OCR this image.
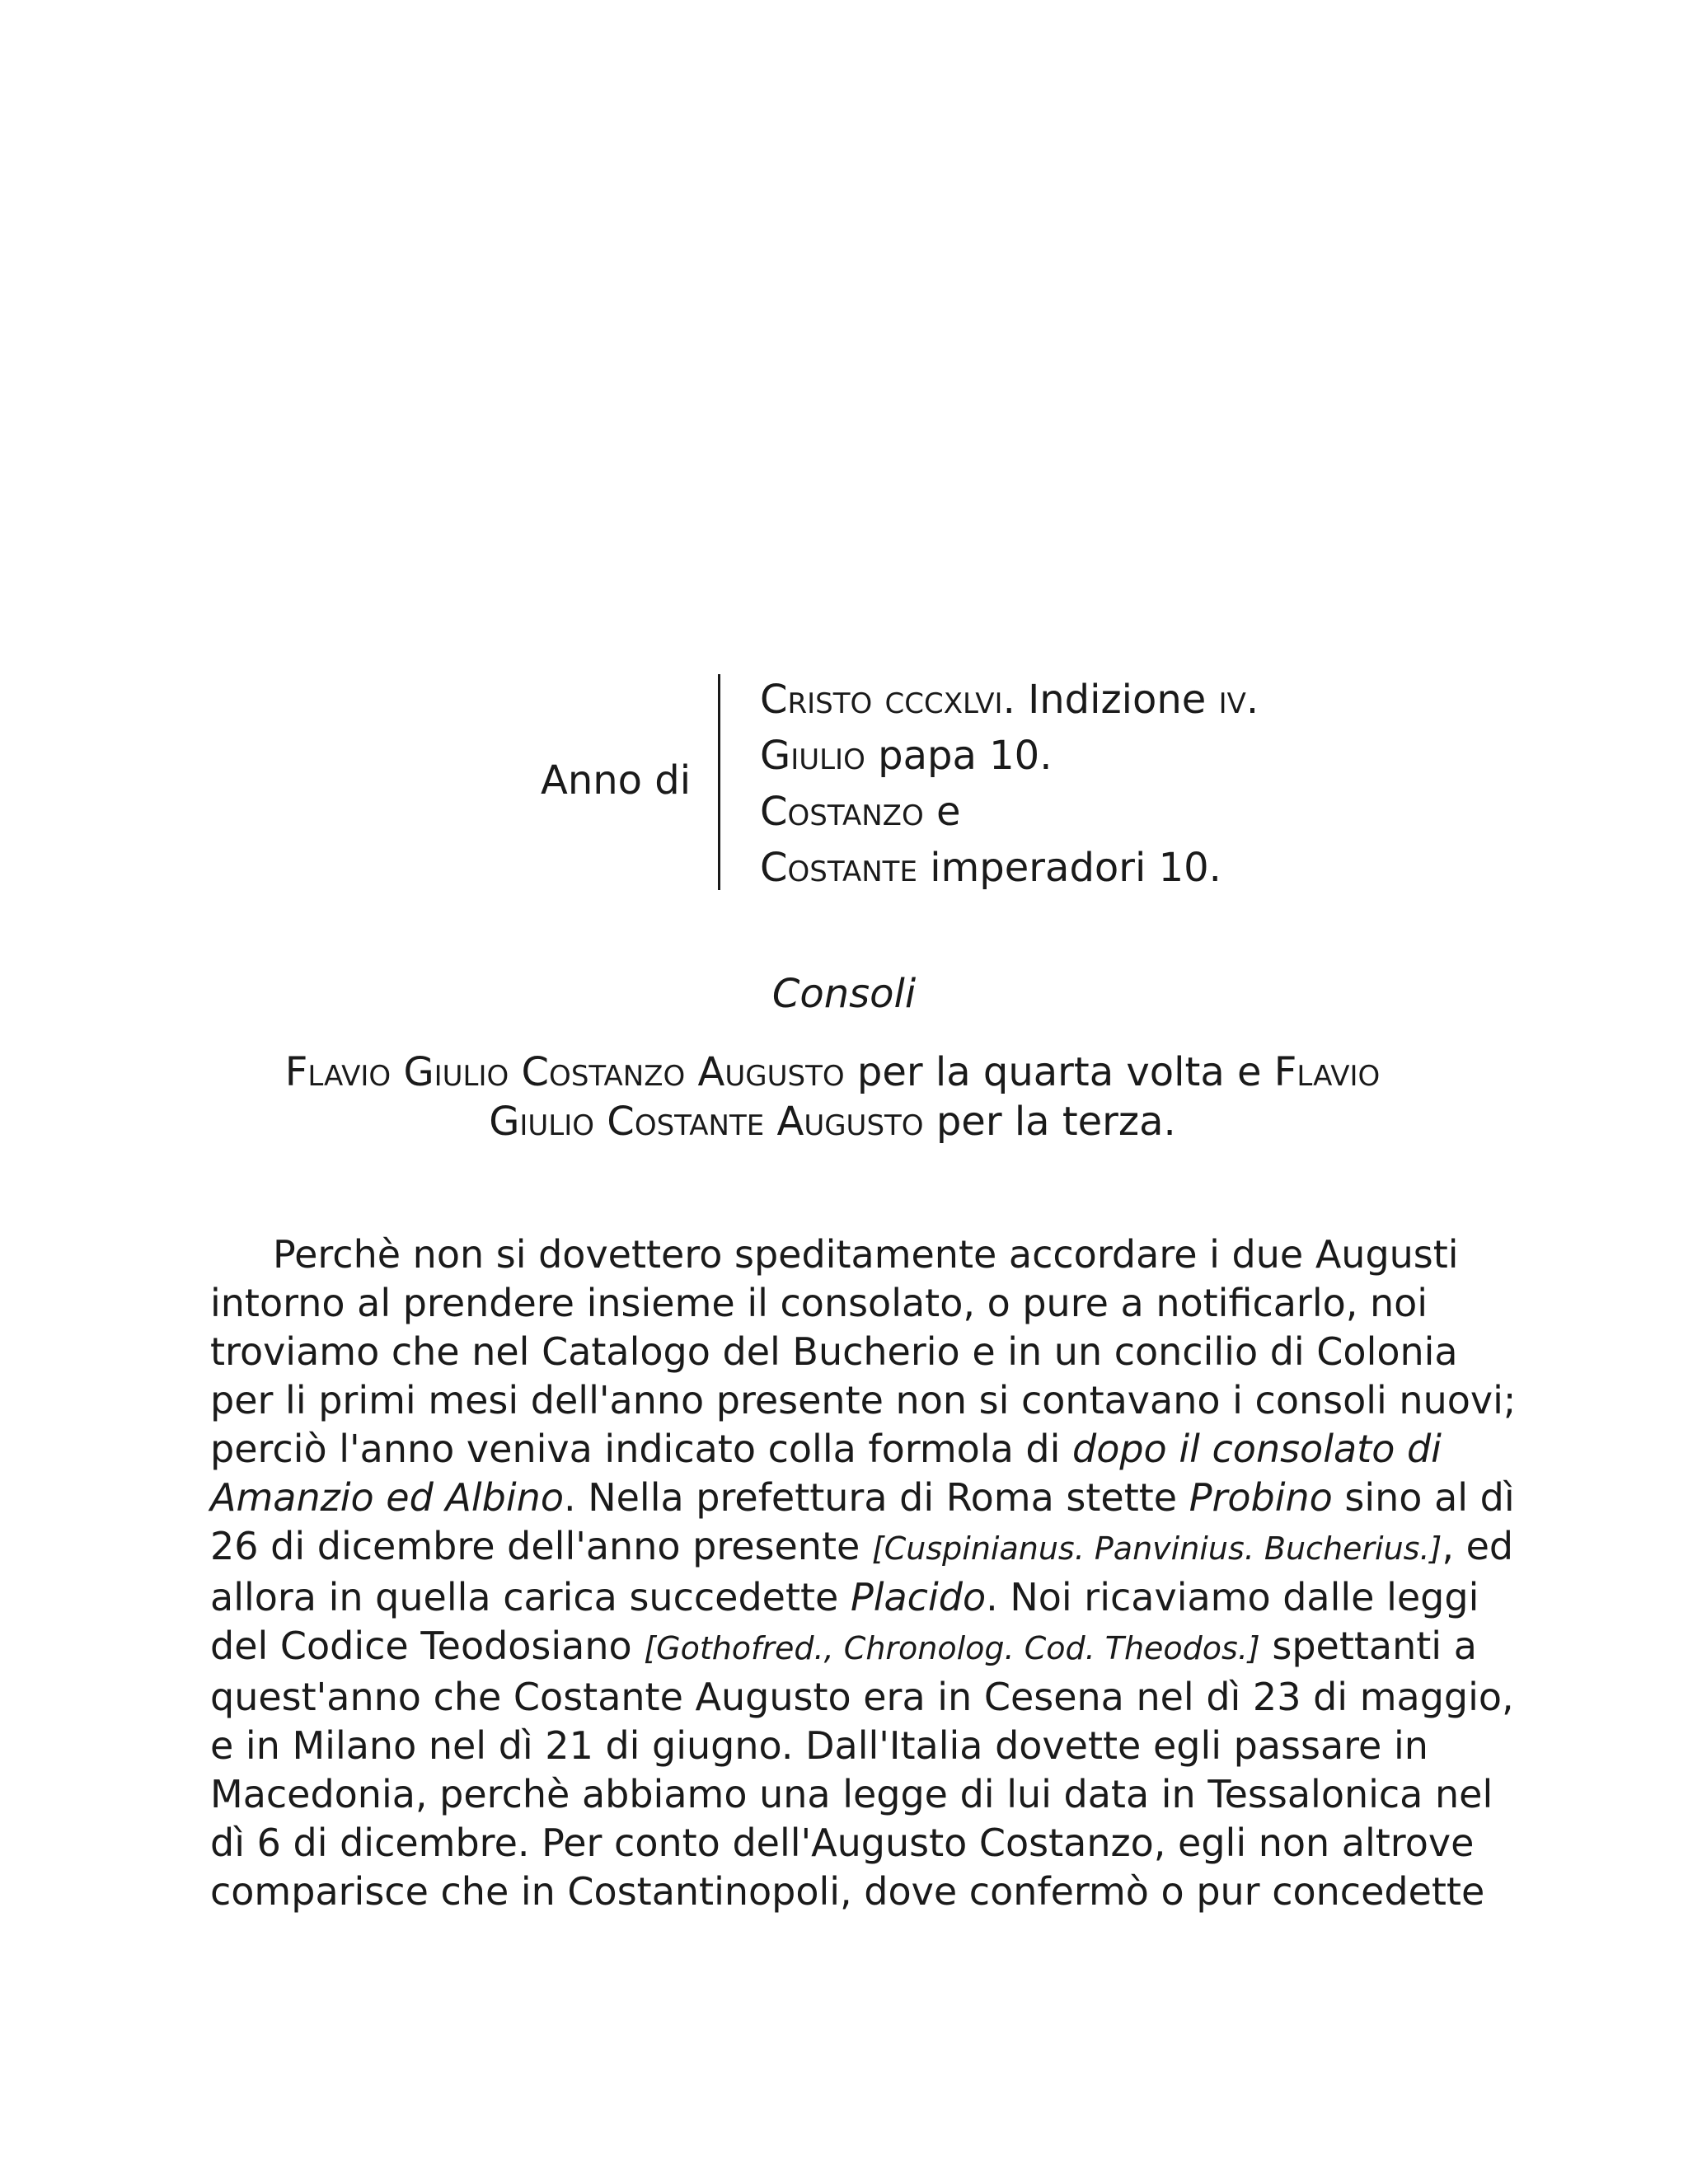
Anno di
Cristo cccxlvi. Indizione iv.
Giulio papa 10.
Costanzo e
Costante imperadori 10.
Consoli
Flavio Giulio Costanzo Augusto per la quarta volta e Flavio
Giulio Costante Augusto per la terza.
Perchè non si dovettero speditamente accordare i due Augusti
intorno al prendere insieme il consolato, o pure a notificarlo, noi
troviamo che nel Catalogo del Bucherio e in un concilio di Colonia
per li primi mesi dell'anno presente non si contavano i consoli nuovi;
perciò l'anno veniva indicato colla formola di dopo il consolato di
Amanzio ed Albino. Nella prefettura di Roma stette Probino sino al dì
26 di dicembre dell'anno presente [Cuspinianus. Panvinius. Bucherius.], ed
allora in quella carica succedette Placido. Noi ricaviamo dalle leggi
del Codice Teodosiano [Gothofred., Chronolog. Cod. Theodos.] spettanti a
quest'anno che Costante Augusto era in Cesena nel dì 23 di maggio,
e in Milano nel dì 21 di giugno. Dall'Italia dovette egli passare in
Macedonia, perchè abbiamo una legge di lui data in Tessalonica nel
dì 6 di dicembre. Per conto dell'Augusto Costanzo, egli non altrove
comparisce che in Costantinopoli, dove confermò o pur concedette
